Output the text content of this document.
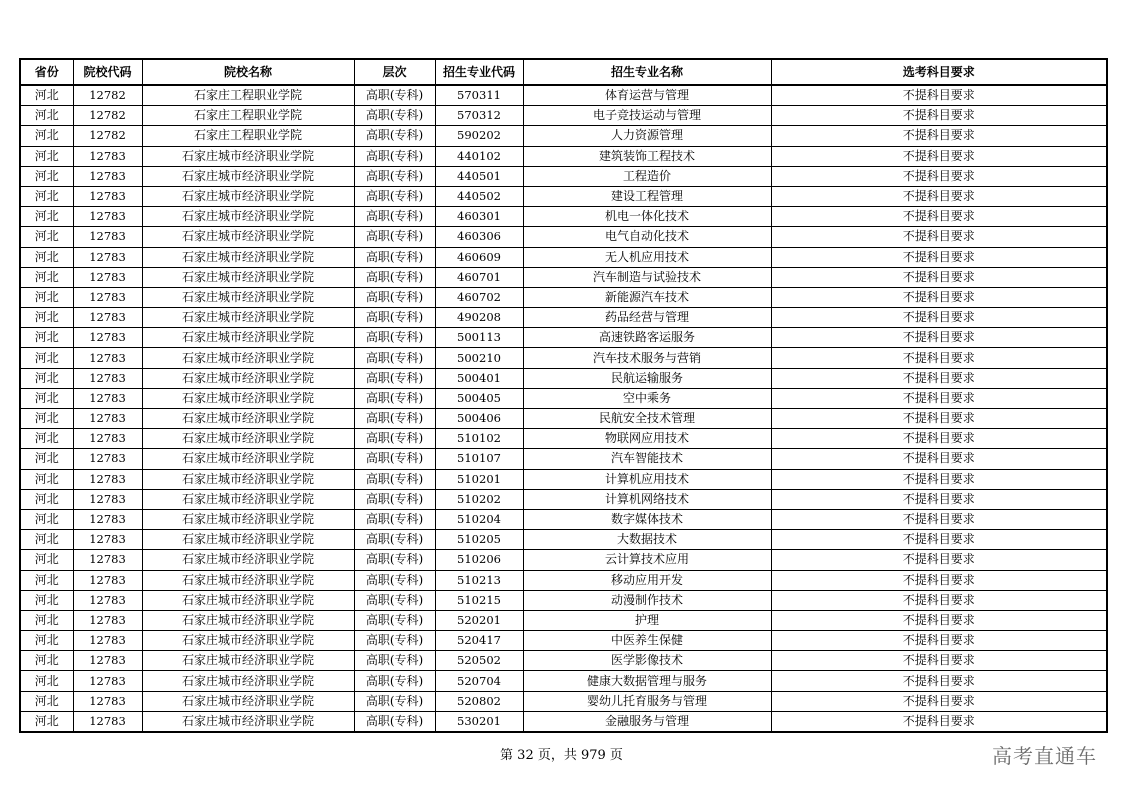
省份	院校代码	院校名称	层次	招生专业代码	招生专业名称	选考科目要求
河北	12782	石家庄工程职业学院	高职(专科)	570311	体育运营与管理	不提科目要求
河北	12782	石家庄工程职业学院	高职(专科)	570312	电子竞技运动与管理	不提科目要求
河北	12782	石家庄工程职业学院	高职(专科)	590202	人力资源管理	不提科目要求
河北	12783	石家庄城市经济职业学院	高职(专科)	440102	建筑装饰工程技术	不提科目要求
河北	12783	石家庄城市经济职业学院	高职(专科)	440501	工程造价	不提科目要求
河北	12783	石家庄城市经济职业学院	高职(专科)	440502	建设工程管理	不提科目要求
河北	12783	石家庄城市经济职业学院	高职(专科)	460301	机电一体化技术	不提科目要求
河北	12783	石家庄城市经济职业学院	高职(专科)	460306	电气自动化技术	不提科目要求
河北	12783	石家庄城市经济职业学院	高职(专科)	460609	无人机应用技术	不提科目要求
河北	12783	石家庄城市经济职业学院	高职(专科)	460701	汽车制造与试验技术	不提科目要求
河北	12783	石家庄城市经济职业学院	高职(专科)	460702	新能源汽车技术	不提科目要求
河北	12783	石家庄城市经济职业学院	高职(专科)	490208	药品经营与管理	不提科目要求
河北	12783	石家庄城市经济职业学院	高职(专科)	500113	高速铁路客运服务	不提科目要求
河北	12783	石家庄城市经济职业学院	高职(专科)	500210	汽车技术服务与营销	不提科目要求
河北	12783	石家庄城市经济职业学院	高职(专科)	500401	民航运输服务	不提科目要求
河北	12783	石家庄城市经济职业学院	高职(专科)	500405	空中乘务	不提科目要求
河北	12783	石家庄城市经济职业学院	高职(专科)	500406	民航安全技术管理	不提科目要求
河北	12783	石家庄城市经济职业学院	高职(专科)	510102	物联网应用技术	不提科目要求
河北	12783	石家庄城市经济职业学院	高职(专科)	510107	汽车智能技术	不提科目要求
河北	12783	石家庄城市经济职业学院	高职(专科)	510201	计算机应用技术	不提科目要求
河北	12783	石家庄城市经济职业学院	高职(专科)	510202	计算机网络技术	不提科目要求
河北	12783	石家庄城市经济职业学院	高职(专科)	510204	数字媒体技术	不提科目要求
河北	12783	石家庄城市经济职业学院	高职(专科)	510205	大数据技术	不提科目要求
河北	12783	石家庄城市经济职业学院	高职(专科)	510206	云计算技术应用	不提科目要求
河北	12783	石家庄城市经济职业学院	高职(专科)	510213	移动应用开发	不提科目要求
河北	12783	石家庄城市经济职业学院	高职(专科)	510215	动漫制作技术	不提科目要求
河北	12783	石家庄城市经济职业学院	高职(专科)	520201	护理	不提科目要求
河北	12783	石家庄城市经济职业学院	高职(专科)	520417	中医养生保健	不提科目要求
河北	12783	石家庄城市经济职业学院	高职(专科)	520502	医学影像技术	不提科目要求
河北	12783	石家庄城市经济职业学院	高职(专科)	520704	健康大数据管理与服务	不提科目要求
河北	12783	石家庄城市经济职业学院	高职(专科)	520802	婴幼儿托育服务与管理	不提科目要求
河北	12783	石家庄城市经济职业学院	高职(专科)	530201	金融服务与管理	不提科目要求
第 32 页，共 979 页	高考直通车
